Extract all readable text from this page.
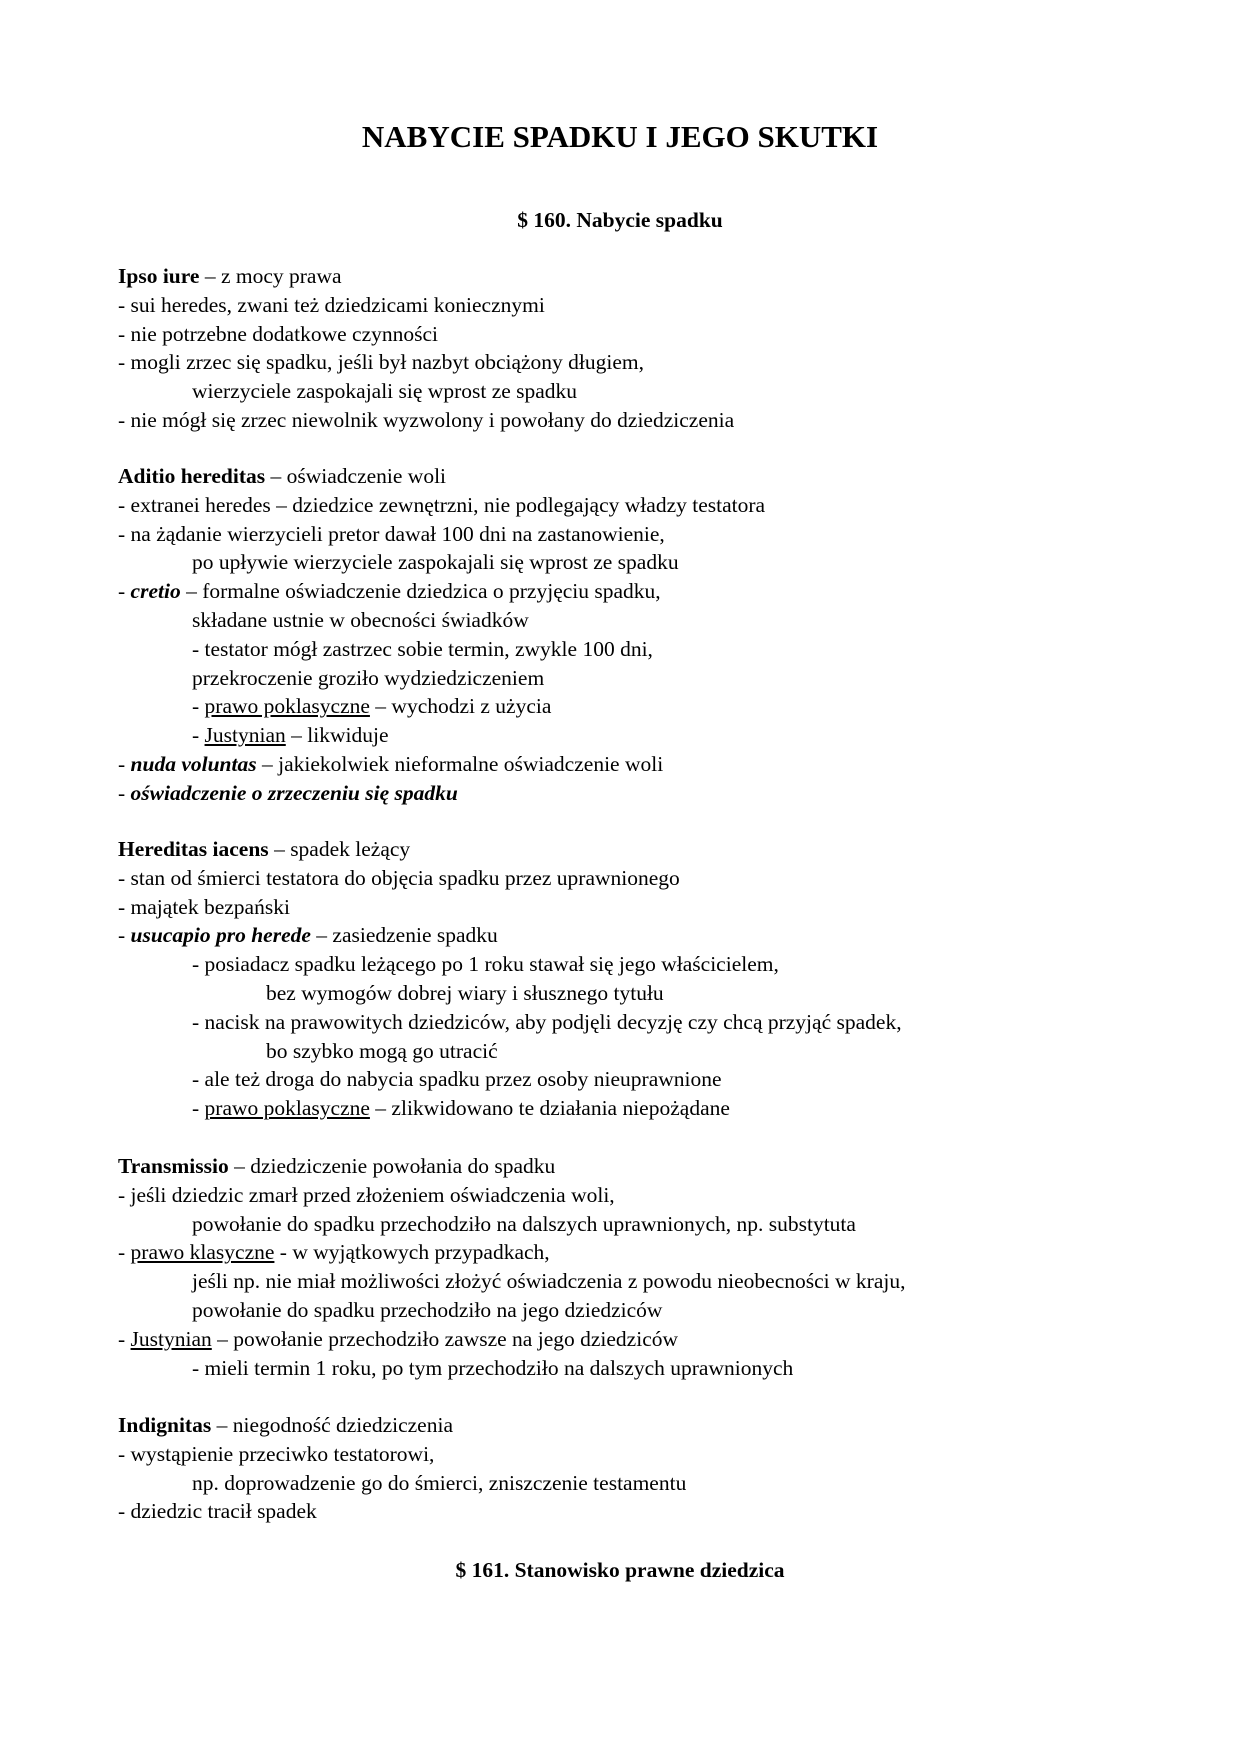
NABYCIE SPADKU I JEGO SKUTKI
$ 160. Nabycie spadku
Ipso iure – z mocy prawa
- sui heredes, zwani też dziedzicami koniecznymi
- nie potrzebne dodatkowe czynności
- mogli zrzec się spadku, jeśli był nazbyt obciążony długiem,
wierzyciele zaspokajali się wprost ze spadku
- nie mógł się zrzec niewolnik wyzwolony i powołany do dziedziczenia
Aditio hereditas – oświadczenie woli
- extranei heredes – dziedzice zewnętrzni, nie podlegający władzy testatora
- na żądanie wierzycieli pretor dawał 100 dni na zastanowienie,
po upływie wierzyciele zaspokajali się wprost ze spadku
- cretio – formalne oświadczenie dziedzica o przyjęciu spadku,
składane ustnie w obecności świadków
- testator mógł zastrzec sobie termin, zwykle 100 dni,
przekroczenie groziło wydziedziczeniem
- prawo poklasyczne – wychodzi z użycia
- Justynian – likwiduje
- nuda voluntas – jakiekolwiek nieformalne oświadczenie woli
- oświadczenie o zrzeczeniu się spadku
Hereditas iacens – spadek leżący
- stan od śmierci testatora do objęcia spadku przez uprawnionego
- majątek bezpański
- usucapio pro herede – zasiedzenie spadku
- posiadacz spadku leżącego po 1 roku stawał się jego właścicielem,
bez wymogów dobrej wiary i słusznego tytułu
- nacisk na prawowitych dziedziców, aby podjęli decyzję czy chcą przyjąć spadek,
bo szybko mogą go utracić
- ale też droga do nabycia spadku przez osoby nieuprawnione
- prawo poklasyczne – zlikwidowano te działania niepożądane
Transmissio – dziedziczenie powołania do spadku
- jeśli dziedzic zmarł przed złożeniem oświadczenia woli,
powołanie do spadku przechodziło na dalszych uprawnionych, np. substytuta
- prawo klasyczne - w wyjątkowych przypadkach,
jeśli np. nie miał możliwości złożyć oświadczenia z powodu nieobecności w kraju,
powołanie do spadku przechodziło na jego dziedziców
- Justynian – powołanie przechodziło zawsze na jego dziedziców
- mieli termin 1 roku, po tym przechodziło na dalszych uprawnionych
Indignitas – niegodność dziedziczenia
- wystąpienie przeciwko testatorowi,
np. doprowadzenie go do śmierci, zniszczenie testamentu
- dziedzic tracił spadek
$ 161. Stanowisko prawne dziedzica
